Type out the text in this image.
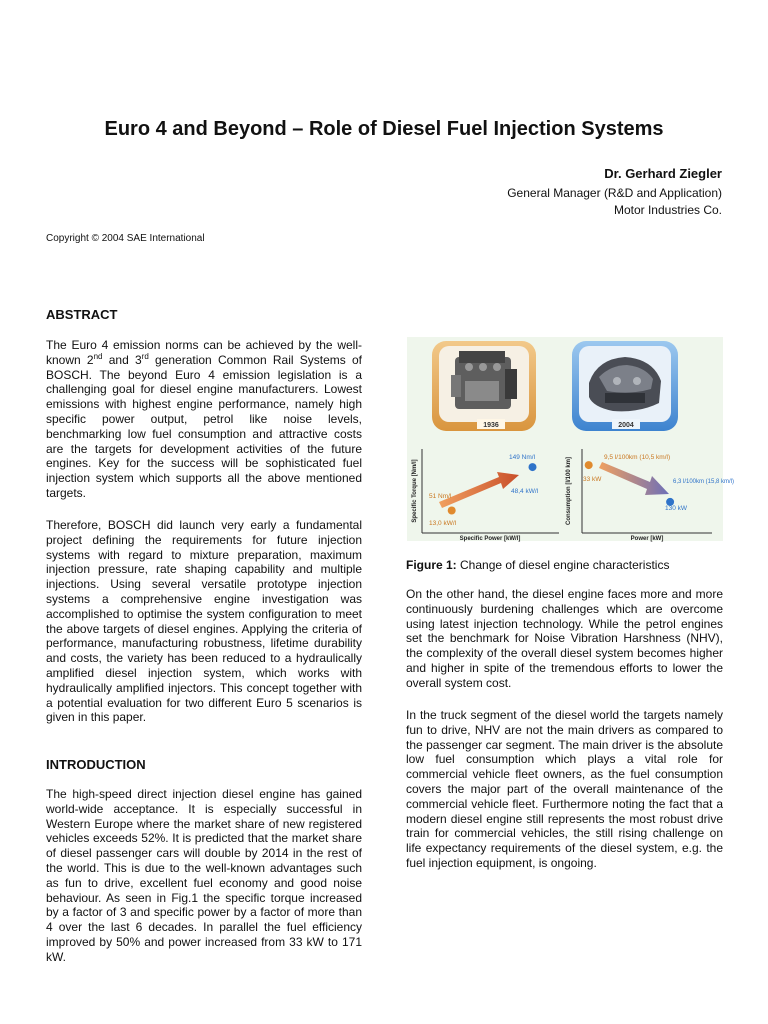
Euro 4 and Beyond – Role of Diesel Fuel Injection Systems
Dr. Gerhard Ziegler
General Manager (R&D and Application)
Motor Industries Co.
Copyright © 2004 SAE International
ABSTRACT

The Euro 4 emission norms can be achieved by the well-known 2nd and 3rd generation Common Rail Systems of BOSCH. The beyond Euro 4 emission legislation is a challenging goal for diesel engine manufacturers. Lowest emissions with highest engine performance, namely high specific power output, petrol like noise levels, benchmarking low fuel consumption and attractive costs are the targets for development activities of the future engines. Key for the success will be sophisticated fuel injection system which supports all the above mentioned targets.

Therefore, BOSCH did launch very early a fundamental project defining the requirements for future injection systems with regard to mixture preparation, maximum injection pressure, rate shaping capability and multiple injections. Using several versatile prototype injection systems a comprehensive engine investigation was accomplished to optimise the system configuration to meet the above targets of diesel engines. Applying the criteria of performance, manufacturing robustness, lifetime durability and costs, the variety has been reduced to a hydraulically amplified diesel injection system, which works with hydraulically amplified injectors. This concept together with a potential evaluation for two different Euro 5 scenarios is given in this paper.

INTRODUCTION

The high-speed direct injection diesel engine has gained world-wide acceptance. It is especially successful in Western Europe where the market share of new registered vehicles exceeds 52%. It is predicted that the market share of diesel passenger cars will double by 2014 in the rest of the world. This is due to the well-known advantages such as fun to drive, excellent fuel economy and good noise behaviour. As seen in Fig.1 the specific torque increased by a factor of 3 and specific power by a factor of more than 4 over the last 6 decades. In parallel the fuel efficiency improved by 50% and power increased from 33 kW to 171 kW.

1936	2004
Specific Torque [Nm/l]
Specific Power [kW/l]
51 Nm/l
13,0 kW/l
149 Nm/l
48,4 kW/l	Consumption [l/100 km]
Power [kW]
9,5 l/100km (10,5 km/l)
33 kW	6,3 l/100km (15,8 km/l)
130 kW
Figure 1: Change of diesel engine characteristics

On the other hand, the diesel engine faces more and more continuously burdening challenges which are overcome using latest injection technology. While the petrol engines set the benchmark for Noise Vibration Harshness (NHV), the complexity of the overall diesel system becomes higher and higher in spite of the tremendous efforts to lower the overall system cost.

In the truck segment of the diesel world the targets namely fun to drive, NHV are not the main drivers as compared to the passenger car segment. The main driver is the absolute low fuel consumption which plays a vital role for commercial vehicle fleet owners, as the fuel consumption covers the major part of the overall maintenance of the commercial vehicle fleet. Furthermore noting the fact that a modern diesel engine still represents the most robust drive train for commercial vehicles, the still rising challenge on life expectancy requirements of the diesel system, e.g. the fuel injection equipment, is ongoing.
